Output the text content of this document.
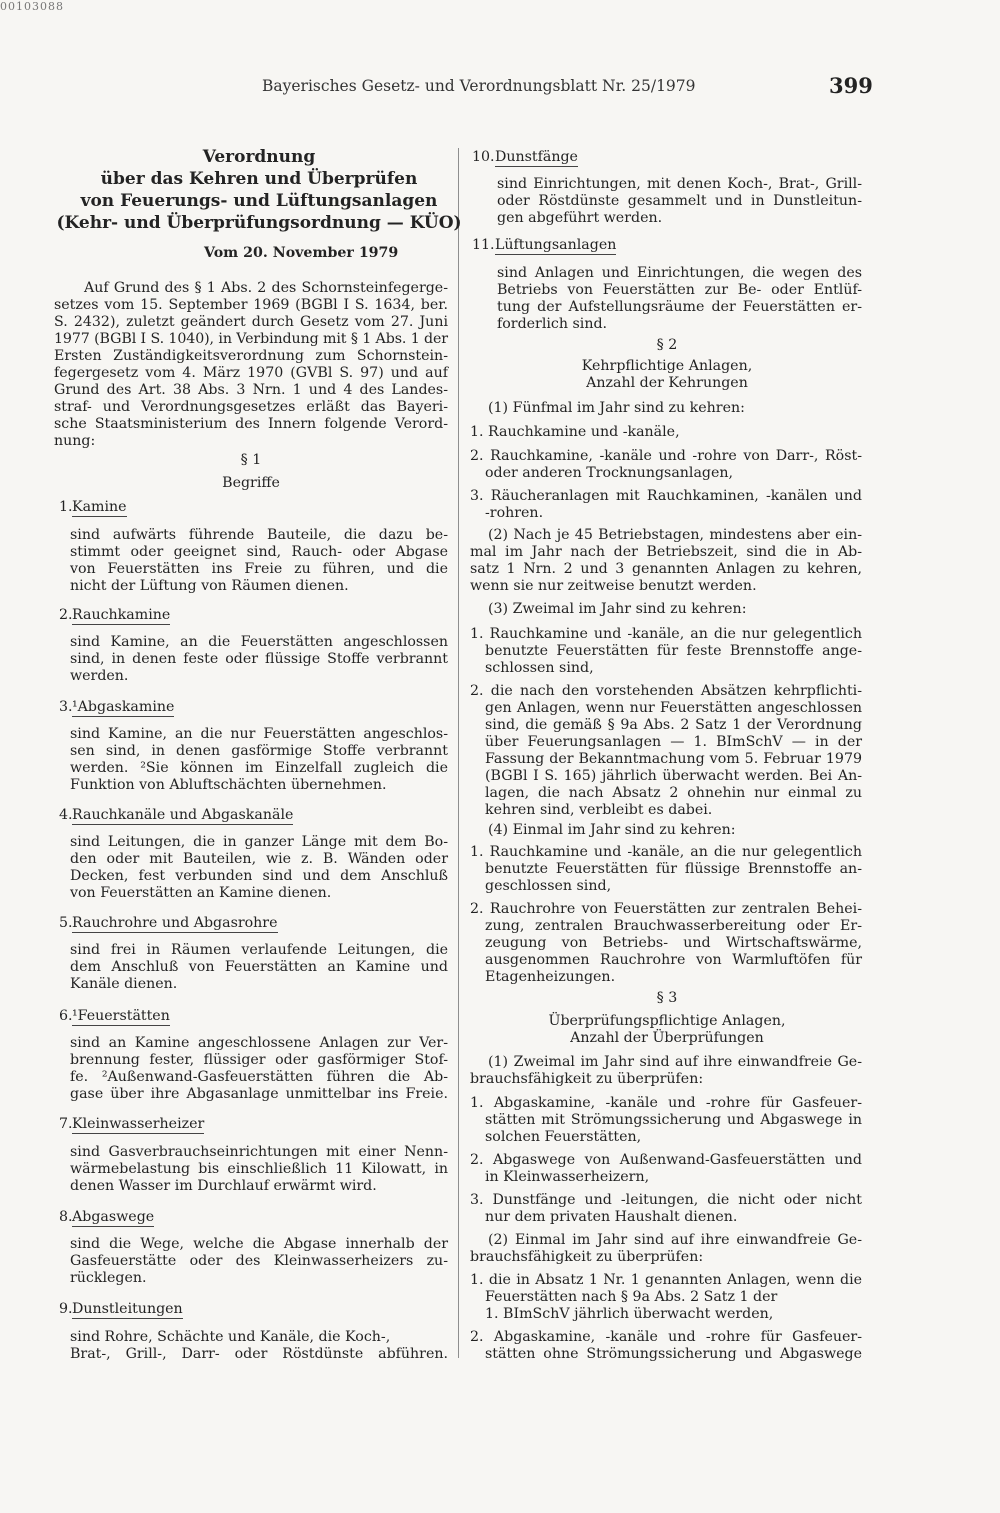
00103088
Bayerisches Gesetz- und Verordnungsblatt Nr. 25/1979	399
Verordnung
über das Kehren und Überprüfen
von Feuerungs- und Lüftungsanlagen
(Kehr- und Überprüfungsordnung — KÜO)
Vom 20. November 1979
Auf Grund des § 1 Abs. 2 des Schornsteinfegerge-
setzes vom 15. September 1969 (BGBl I S. 1634, ber.
S. 2432), zuletzt geändert durch Gesetz vom 27. Juni
1977 (BGBl I S. 1040), in Verbindung mit § 1 Abs. 1 der
Ersten Zuständigkeitsverordnung zum Schornstein-
fegergesetz vom 4. März 1970 (GVBl S. 97) und auf
Grund des Art. 38 Abs. 3 Nrn. 1 und 4 des Landes-
straf- und Verordnungsgesetzes erläßt das Bayeri-
sche Staatsministerium des Innern folgende Verord-
nung:
§ 1
Begriffe
1. Kamine
sind aufwärts führende Bauteile, die dazu be-
stimmt oder geeignet sind, Rauch- oder Abgase
von Feuerstätten ins Freie zu führen, und die
nicht der Lüftung von Räumen dienen.
2. Rauchkamine
sind Kamine, an die Feuerstätten angeschlossen
sind, in denen feste oder flüssige Stoffe verbrannt
werden.
3. ¹Abgaskamine
sind Kamine, an die nur Feuerstätten angeschlos-
sen sind, in denen gasförmige Stoffe verbrannt
werden. ²Sie können im Einzelfall zugleich die
Funktion von Abluftschächten übernehmen.
4. Rauchkanäle und Abgaskanäle
sind Leitungen, die in ganzer Länge mit dem Bo-
den oder mit Bauteilen, wie z. B. Wänden oder
Decken, fest verbunden sind und dem Anschluß
von Feuerstätten an Kamine dienen.
5. Rauchrohre und Abgasrohre
sind frei in Räumen verlaufende Leitungen, die
dem Anschluß von Feuerstätten an Kamine und
Kanäle dienen.
6. ¹Feuerstätten
sind an Kamine angeschlossene Anlagen zur Ver-
brennung fester, flüssiger oder gasförmiger Stof-
fe. ²Außenwand-Gasfeuerstätten führen die Ab-
gase über ihre Abgasanlage unmittelbar ins Freie.
7. Kleinwasserheizer
sind Gasverbrauchseinrichtungen mit einer Nenn-
wärmebelastung bis einschließlich 11 Kilowatt, in
denen Wasser im Durchlauf erwärmt wird.
8. Abgaswege
sind die Wege, welche die Abgase innerhalb der
Gasfeuerstätte oder des Kleinwasserheizers zu-
rücklegen.
9. Dunstleitungen
sind Rohre, Schächte und Kanäle, die Koch-,
Brat-, Grill-, Darr- oder Röstdünste abführen.
10. Dunstfänge
sind Einrichtungen, mit denen Koch-, Brat-, Grill-
oder Röstdünste gesammelt und in Dunstleitun-
gen abgeführt werden.
11. Lüftungsanlagen
sind Anlagen und Einrichtungen, die wegen des
Betriebs von Feuerstätten zur Be- oder Entlüf-
tung der Aufstellungsräume der Feuerstätten er-
forderlich sind.
§ 2
Kehrpflichtige Anlagen,
Anzahl der Kehrungen
(1) Fünfmal im Jahr sind zu kehren:
1. Rauchkamine und -kanäle,
2. Rauchkamine, -kanäle und -rohre von Darr-, Röst-
oder anderen Trocknungsanlagen,
3. Räucheranlagen mit Rauchkaminen, -kanälen und
-rohren.
(2) Nach je 45 Betriebstagen, mindestens aber ein-
mal im Jahr nach der Betriebszeit, sind die in Ab-
satz 1 Nrn. 2 und 3 genannten Anlagen zu kehren,
wenn sie nur zeitweise benutzt werden.
(3) Zweimal im Jahr sind zu kehren:
1. Rauchkamine und -kanäle, an die nur gelegentlich
benutzte Feuerstätten für feste Brennstoffe ange-
schlossen sind,
2. die nach den vorstehenden Absätzen kehrpflichti-
gen Anlagen, wenn nur Feuerstätten angeschlossen
sind, die gemäß § 9a Abs. 2 Satz 1 der Verordnung
über Feuerungsanlagen — 1. BImSchV — in der
Fassung der Bekanntmachung vom 5. Februar 1979
(BGBl I S. 165) jährlich überwacht werden. Bei An-
lagen, die nach Absatz 2 ohnehin nur einmal zu
kehren sind, verbleibt es dabei.
(4) Einmal im Jahr sind zu kehren:
1. Rauchkamine und -kanäle, an die nur gelegentlich
benutzte Feuerstätten für flüssige Brennstoffe an-
geschlossen sind,
2. Rauchrohre von Feuerstätten zur zentralen Behei-
zung, zentralen Brauchwasserbereitung oder Er-
zeugung von Betriebs- und Wirtschaftswärme,
ausgenommen Rauchrohre von Warmluftöfen für
Etagenheizungen.
§ 3
Überprüfungspflichtige Anlagen,
Anzahl der Überprüfungen
(1) Zweimal im Jahr sind auf ihre einwandfreie Ge-
brauchsfähigkeit zu überprüfen:
1. Abgaskamine, -kanäle und -rohre für Gasfeuer-
stätten mit Strömungssicherung und Abgaswege in
solchen Feuerstätten,
2. Abgaswege von Außenwand-Gasfeuerstätten und
in Kleinwasserheizern,
3. Dunstfänge und -leitungen, die nicht oder nicht
nur dem privaten Haushalt dienen.
(2) Einmal im Jahr sind auf ihre einwandfreie Ge-
brauchsfähigkeit zu überprüfen:
1. die in Absatz 1 Nr. 1 genannten Anlagen, wenn die
Feuerstätten nach § 9a Abs. 2 Satz 1 der
1. BImSchV jährlich überwacht werden,
2. Abgaskamine, -kanäle und -rohre für Gasfeuer-
stätten ohne Strömungssicherung und Abgaswege
